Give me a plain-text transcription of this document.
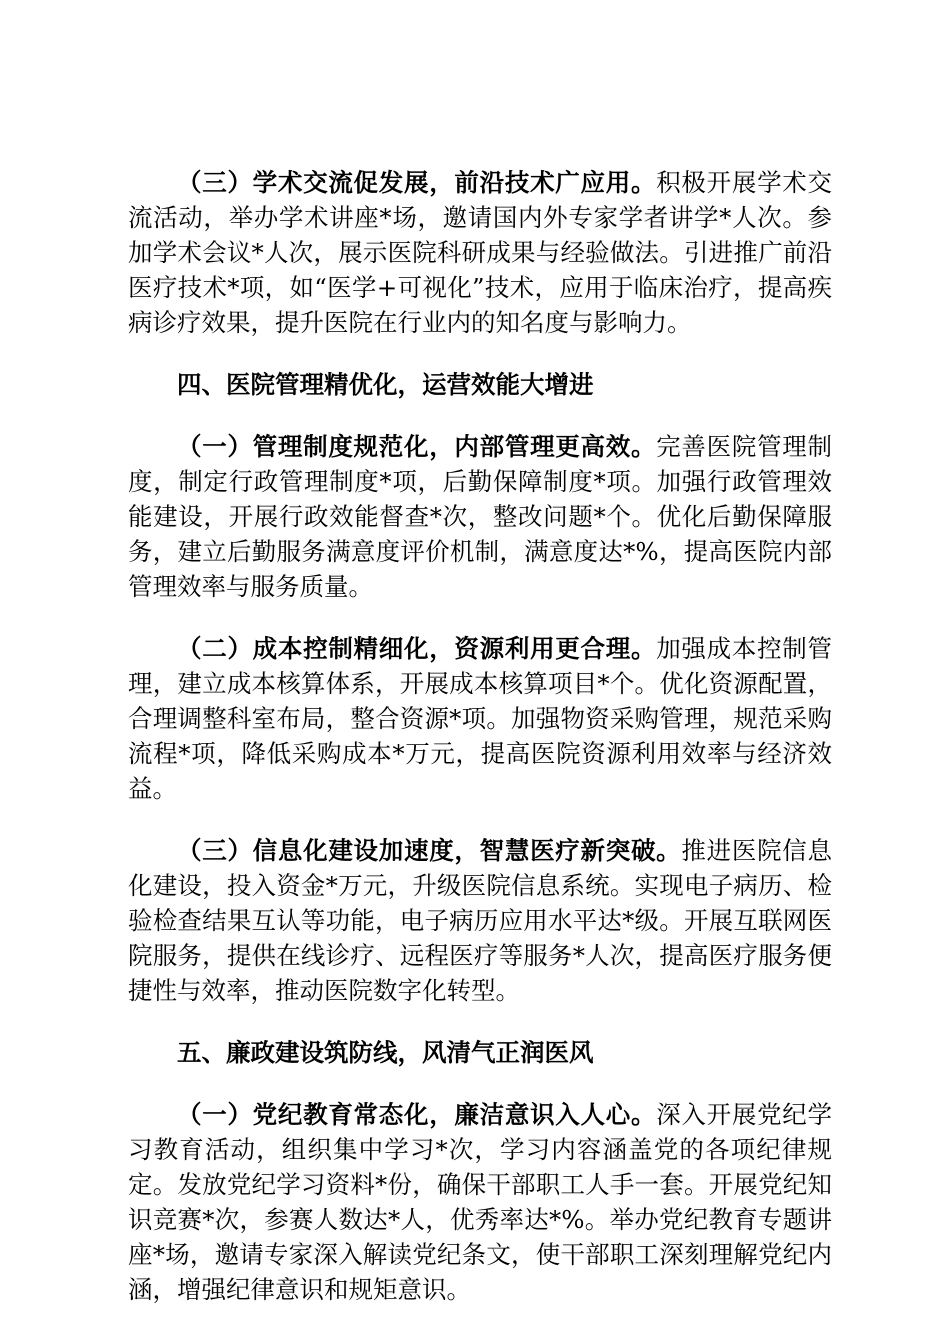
（三）学术交流促发展，前沿技术广应用。积极开展学术交流活动，举办学术讲座*场，邀请国内外专家学者讲学*人次。参加学术会议*人次，展示医院科研成果与经验做法。引进推广前沿医疗技术*项，如“医学+可视化”技术，应用于临床治疗，提高疾病诊疗效果，提升医院在行业内的知名度与影响力。

四、医院管理精优化，运营效能大增进

（一）管理制度规范化，内部管理更高效。完善医院管理制度，制定行政管理制度*项，后勤保障制度*项。加强行政管理效能建设，开展行政效能督查*次，整改问题*个。优化后勤保障服务，建立后勤服务满意度评价机制，满意度达*%，提高医院内部管理效率与服务质量。

（二）成本控制精细化，资源利用更合理。加强成本控制管理，建立成本核算体系，开展成本核算项目*个。优化资源配置，合理调整科室布局，整合资源*项。加强物资采购管理，规范采购流程*项，降低采购成本*万元，提高医院资源利用效率与经济效益。

（三）信息化建设加速度，智慧医疗新突破。推进医院信息化建设，投入资金*万元，升级医院信息系统。实现电子病历、检验检查结果互认等功能，电子病历应用水平达*级。开展互联网医院服务，提供在线诊疗、远程医疗等服务*人次，提高医疗服务便捷性与效率，推动医院数字化转型。

五、廉政建设筑防线，风清气正润医风

（一）党纪教育常态化，廉洁意识入人心。深入开展党纪学习教育活动，组织集中学习*次，学习内容涵盖党的各项纪律规定。发放党纪学习资料*份，确保干部职工人手一套。开展党纪知识竞赛*次，参赛人数达*人，优秀率达*%。举办党纪教育专题讲座*场，邀请专家深入解读党纪条文，使干部职工深刻理解党纪内涵，增强纪律意识和规矩意识。
